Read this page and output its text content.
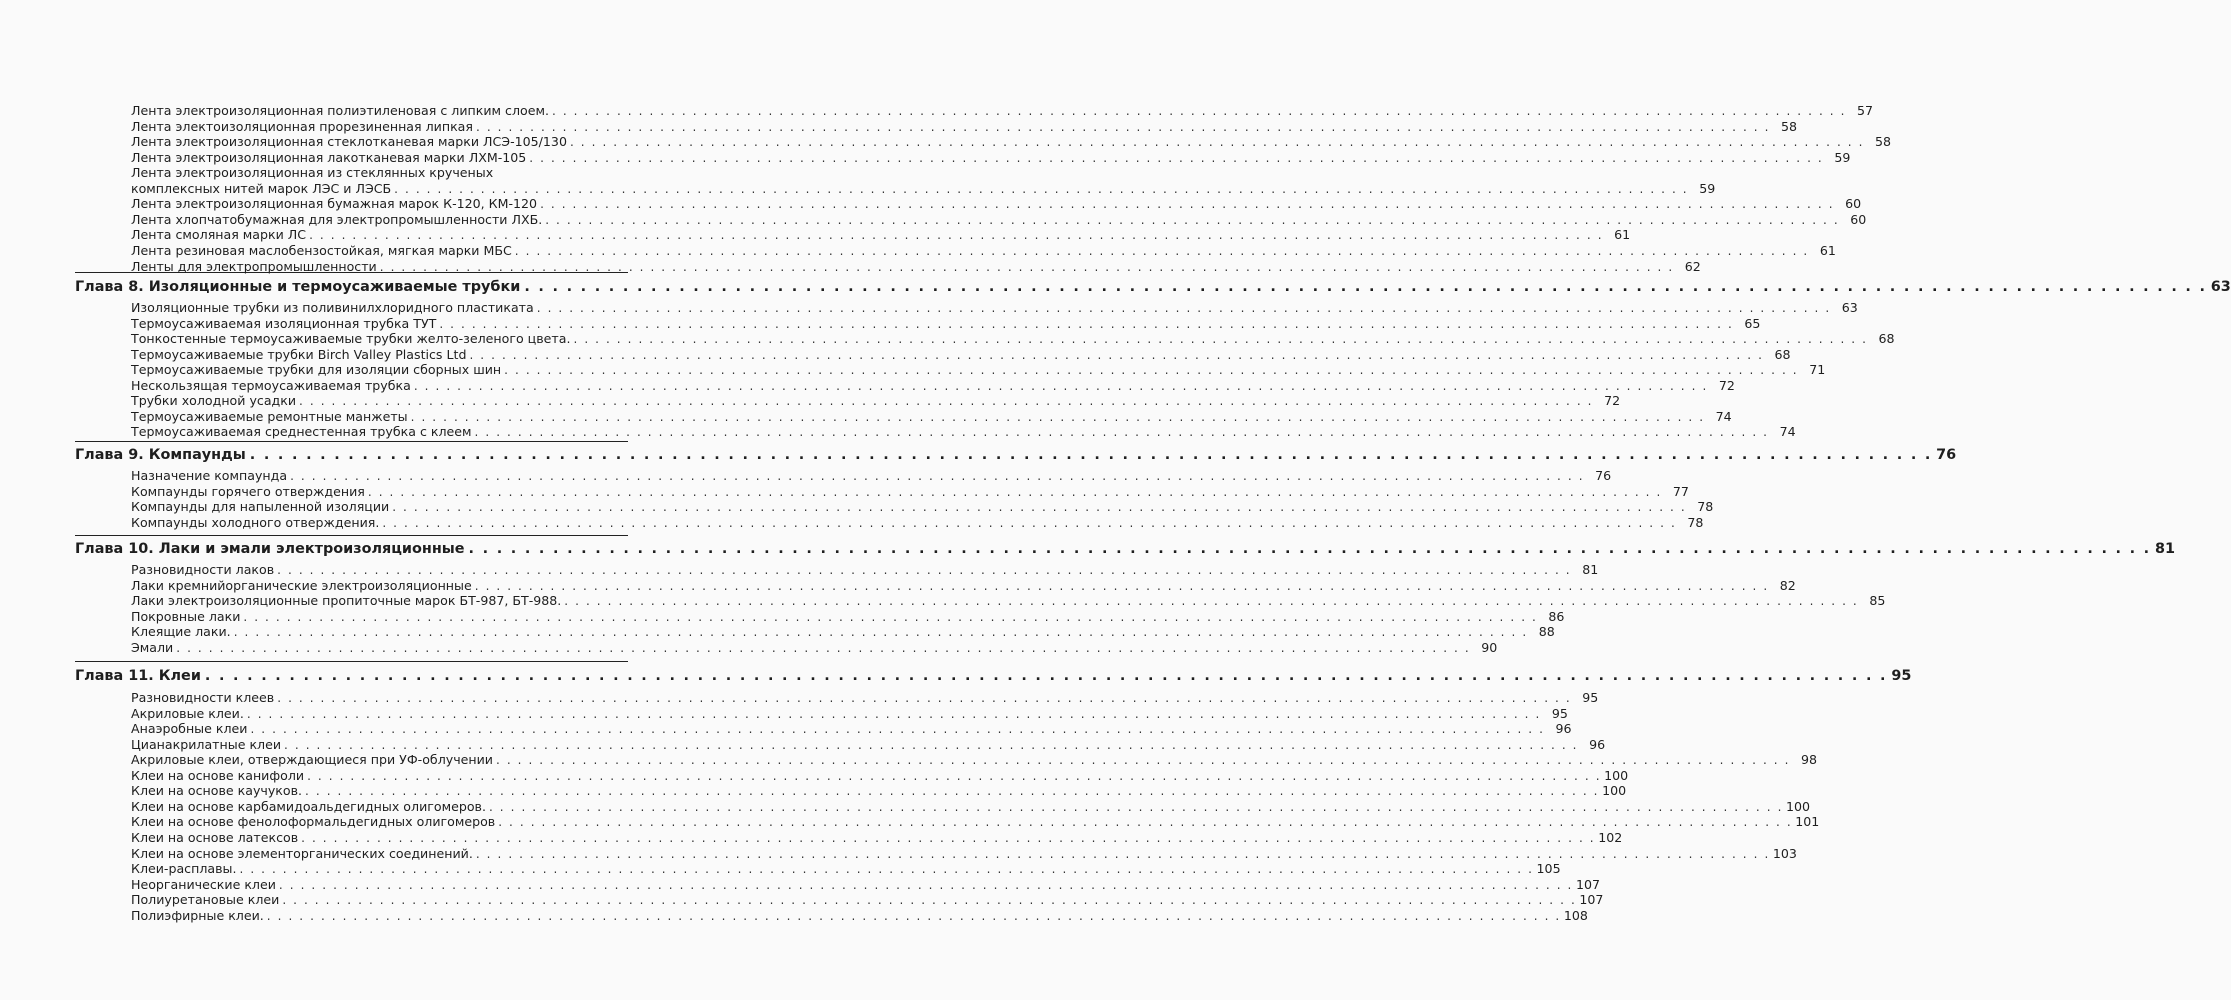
Лента электроизоляционная полиэтиленовая с липким слоем. . . . . . . . . . . . . . . . . . . . . . . . . . . . . . . . . . . . . . . . . . . . . . . . . . . . . . . . . . . . . . . . . . . . . . . . . . . . . . . . . . . . . . . . . . . . . . . . . . . . . . . . . . . . . . . . . . . . . . . . . 57
Лента электоизоляционная прорезиненная липкая . . . . . . . . . . . . . . . . . . . . . . . . . . . . . . . . . . . . . . . . . . . . . . . . . . . . . . . . . . . . . . . . . . . . . . . . . . . . . . . . . . . . . . . . . . . . . . . . . . . . . . . . . . . . . . . . . . . . . . . . 58
Лента электроизоляционная стеклотканевая марки ЛСЭ-105/130 . . . . . . . . . . . . . . . . . . . . . . . . . . . . . . . . . . . . . . . . . . . . . . . . . . . . . . . . . . . . . . . . . . . . . . . . . . . . . . . . . . . . . . . . . . . . . . . . . . . . . . . . . . . . . . . . . . . . . . . . 58
Лента электроизоляционная лакотканевая марки ЛХМ-105 . . . . . . . . . . . . . . . . . . . . . . . . . . . . . . . . . . . . . . . . . . . . . . . . . . . . . . . . . . . . . . . . . . . . . . . . . . . . . . . . . . . . . . . . . . . . . . . . . . . . . . . . . . . . . . . . . . . . . . . . 59
Лента электроизоляционная из стеклянных крученых
комплексных нитей марок ЛЭС и ЛЭСБ . . . . . . . . . . . . . . . . . . . . . . . . . . . . . . . . . . . . . . . . . . . . . . . . . . . . . . . . . . . . . . . . . . . . . . . . . . . . . . . . . . . . . . . . . . . . . . . . . . . . . . . . . . . . . . . . . . . . . . . . 59
Лента электроизоляционная бумажная марок К-120, КМ-120 . . . . . . . . . . . . . . . . . . . . . . . . . . . . . . . . . . . . . . . . . . . . . . . . . . . . . . . . . . . . . . . . . . . . . . . . . . . . . . . . . . . . . . . . . . . . . . . . . . . . . . . . . . . . . . . . . . . . . . . . 60
Лента хлопчатобумажная для электропромышленности ЛХБ. . . . . . . . . . . . . . . . . . . . . . . . . . . . . . . . . . . . . . . . . . . . . . . . . . . . . . . . . . . . . . . . . . . . . . . . . . . . . . . . . . . . . . . . . . . . . . . . . . . . . . . . . . . . . . . . . . . . . . . . . 60
Лента смоляная марки ЛС . . . . . . . . . . . . . . . . . . . . . . . . . . . . . . . . . . . . . . . . . . . . . . . . . . . . . . . . . . . . . . . . . . . . . . . . . . . . . . . . . . . . . . . . . . . . . . . . . . . . . . . . . . . . . . . . . . . . . . . . 61
Лента резиновая маслобензостойкая, мягкая марки МБС . . . . . . . . . . . . . . . . . . . . . . . . . . . . . . . . . . . . . . . . . . . . . . . . . . . . . . . . . . . . . . . . . . . . . . . . . . . . . . . . . . . . . . . . . . . . . . . . . . . . . . . . . . . . . . . . . . . . . . . . 61
Ленты для электропромышленности . . . . . . . . . . . . . . . . . . . . . . . . . . . . . . . . . . . . . . . . . . . . . . . . . . . . . . . . . . . . . . . . . . . . . . . . . . . . . . . . . . . . . . . . . . . . . . . . . . . . . . . . . . . . . . . . . . . . . . . . 62
Глава 8. Изоляционные и термоусаживаемые трубки . . . . . . . . . . . . . . . . . . . . . . . . . . . . . . . . . . . . . . . . . . . . . . . . . . . . . . . . . . . . . . . . . . . . . . . . . . . . . . . . . . . . . . . . . . . . . . . . . . . . . . . . . . . . . . . . . . . . . . . . 63
Изоляционные трубки из поливинилхлоридного пластиката . . . . . . . . . . . . . . . . . . . . . . . . . . . . . . . . . . . . . . . . . . . . . . . . . . . . . . . . . . . . . . . . . . . . . . . . . . . . . . . . . . . . . . . . . . . . . . . . . . . . . . . . . . . . . . . . . . . . . . . . 63
Термоусаживаемая изоляционная трубка ТУТ . . . . . . . . . . . . . . . . . . . . . . . . . . . . . . . . . . . . . . . . . . . . . . . . . . . . . . . . . . . . . . . . . . . . . . . . . . . . . . . . . . . . . . . . . . . . . . . . . . . . . . . . . . . . . . . . . . . . . . . . 65
Тонкостенные термоусаживаемые трубки желто-зеленого цвета. . . . . . . . . . . . . . . . . . . . . . . . . . . . . . . . . . . . . . . . . . . . . . . . . . . . . . . . . . . . . . . . . . . . . . . . . . . . . . . . . . . . . . . . . . . . . . . . . . . . . . . . . . . . . . . . . . . . . . . . . 68
Термоусаживаемые трубки Birch Valley Plastics Ltd . . . . . . . . . . . . . . . . . . . . . . . . . . . . . . . . . . . . . . . . . . . . . . . . . . . . . . . . . . . . . . . . . . . . . . . . . . . . . . . . . . . . . . . . . . . . . . . . . . . . . . . . . . . . . . . . . . . . . . . . 68
Термоусаживаемые трубки для изоляции сборных шин . . . . . . . . . . . . . . . . . . . . . . . . . . . . . . . . . . . . . . . . . . . . . . . . . . . . . . . . . . . . . . . . . . . . . . . . . . . . . . . . . . . . . . . . . . . . . . . . . . . . . . . . . . . . . . . . . . . . . . . . 71
Нескользящая термоусаживаемая трубка . . . . . . . . . . . . . . . . . . . . . . . . . . . . . . . . . . . . . . . . . . . . . . . . . . . . . . . . . . . . . . . . . . . . . . . . . . . . . . . . . . . . . . . . . . . . . . . . . . . . . . . . . . . . . . . . . . . . . . . . 72
Трубки холодной усадки . . . . . . . . . . . . . . . . . . . . . . . . . . . . . . . . . . . . . . . . . . . . . . . . . . . . . . . . . . . . . . . . . . . . . . . . . . . . . . . . . . . . . . . . . . . . . . . . . . . . . . . . . . . . . . . . . . . . . . . . 72
Термоусаживаемые ремонтные манжеты . . . . . . . . . . . . . . . . . . . . . . . . . . . . . . . . . . . . . . . . . . . . . . . . . . . . . . . . . . . . . . . . . . . . . . . . . . . . . . . . . . . . . . . . . . . . . . . . . . . . . . . . . . . . . . . . . . . . . . . . 74
Термоусаживаемая среднестенная трубка с клеем . . . . . . . . . . . . . . . . . . . . . . . . . . . . . . . . . . . . . . . . . . . . . . . . . . . . . . . . . . . . . . . . . . . . . . . . . . . . . . . . . . . . . . . . . . . . . . . . . . . . . . . . . . . . . . . . . . . . . . . . 74
Глава 9. Компаунды . . . . . . . . . . . . . . . . . . . . . . . . . . . . . . . . . . . . . . . . . . . . . . . . . . . . . . . . . . . . . . . . . . . . . . . . . . . . . . . . . . . . . . . . . . . . . . . . . . . . . . . . . . . . . . . . . . . . . . . . 76
Назначение компаунда . . . . . . . . . . . . . . . . . . . . . . . . . . . . . . . . . . . . . . . . . . . . . . . . . . . . . . . . . . . . . . . . . . . . . . . . . . . . . . . . . . . . . . . . . . . . . . . . . . . . . . . . . . . . . . . . . . . . . . . . 76
Компаунды горячего отверждения . . . . . . . . . . . . . . . . . . . . . . . . . . . . . . . . . . . . . . . . . . . . . . . . . . . . . . . . . . . . . . . . . . . . . . . . . . . . . . . . . . . . . . . . . . . . . . . . . . . . . . . . . . . . . . . . . . . . . . . . 77
Компаунды для напыленной изоляции . . . . . . . . . . . . . . . . . . . . . . . . . . . . . . . . . . . . . . . . . . . . . . . . . . . . . . . . . . . . . . . . . . . . . . . . . . . . . . . . . . . . . . . . . . . . . . . . . . . . . . . . . . . . . . . . . . . . . . . . 78
Компаунды холодного отверждения. . . . . . . . . . . . . . . . . . . . . . . . . . . . . . . . . . . . . . . . . . . . . . . . . . . . . . . . . . . . . . . . . . . . . . . . . . . . . . . . . . . . . . . . . . . . . . . . . . . . . . . . . . . . . . . . . . . . . . . . . 78
Глава 10. Лаки и эмали электроизоляционные . . . . . . . . . . . . . . . . . . . . . . . . . . . . . . . . . . . . . . . . . . . . . . . . . . . . . . . . . . . . . . . . . . . . . . . . . . . . . . . . . . . . . . . . . . . . . . . . . . . . . . . . . . . . . . . . . . . . . . . . 81
Разновидности лаков . . . . . . . . . . . . . . . . . . . . . . . . . . . . . . . . . . . . . . . . . . . . . . . . . . . . . . . . . . . . . . . . . . . . . . . . . . . . . . . . . . . . . . . . . . . . . . . . . . . . . . . . . . . . . . . . . . . . . . . . 81
Лаки кремнийорганические электроизоляционные . . . . . . . . . . . . . . . . . . . . . . . . . . . . . . . . . . . . . . . . . . . . . . . . . . . . . . . . . . . . . . . . . . . . . . . . . . . . . . . . . . . . . . . . . . . . . . . . . . . . . . . . . . . . . . . . . . . . . . . . 82
Лаки электроизоляционные пропиточные марок БТ-987, БТ-988. . . . . . . . . . . . . . . . . . . . . . . . . . . . . . . . . . . . . . . . . . . . . . . . . . . . . . . . . . . . . . . . . . . . . . . . . . . . . . . . . . . . . . . . . . . . . . . . . . . . . . . . . . . . . . . . . . . . . . . . . 85
Покровные лаки . . . . . . . . . . . . . . . . . . . . . . . . . . . . . . . . . . . . . . . . . . . . . . . . . . . . . . . . . . . . . . . . . . . . . . . . . . . . . . . . . . . . . . . . . . . . . . . . . . . . . . . . . . . . . . . . . . . . . . . . 86
Клеящие лаки. . . . . . . . . . . . . . . . . . . . . . . . . . . . . . . . . . . . . . . . . . . . . . . . . . . . . . . . . . . . . . . . . . . . . . . . . . . . . . . . . . . . . . . . . . . . . . . . . . . . . . . . . . . . . . . . . . . . . . . . . 88
Эмали . . . . . . . . . . . . . . . . . . . . . . . . . . . . . . . . . . . . . . . . . . . . . . . . . . . . . . . . . . . . . . . . . . . . . . . . . . . . . . . . . . . . . . . . . . . . . . . . . . . . . . . . . . . . . . . . . . . . . . . . 90
Глава 11. Клеи . . . . . . . . . . . . . . . . . . . . . . . . . . . . . . . . . . . . . . . . . . . . . . . . . . . . . . . . . . . . . . . . . . . . . . . . . . . . . . . . . . . . . . . . . . . . . . . . . . . . . . . . . . . . . . . . . . . . . . . . 95
Разновидности клеев . . . . . . . . . . . . . . . . . . . . . . . . . . . . . . . . . . . . . . . . . . . . . . . . . . . . . . . . . . . . . . . . . . . . . . . . . . . . . . . . . . . . . . . . . . . . . . . . . . . . . . . . . . . . . . . . . . . . . . . . 95
Акриловые клеи. . . . . . . . . . . . . . . . . . . . . . . . . . . . . . . . . . . . . . . . . . . . . . . . . . . . . . . . . . . . . . . . . . . . . . . . . . . . . . . . . . . . . . . . . . . . . . . . . . . . . . . . . . . . . . . . . . . . . . . . . 95
Анаэробные клеи . . . . . . . . . . . . . . . . . . . . . . . . . . . . . . . . . . . . . . . . . . . . . . . . . . . . . . . . . . . . . . . . . . . . . . . . . . . . . . . . . . . . . . . . . . . . . . . . . . . . . . . . . . . . . . . . . . . . . . . . 96
Цианакрилатные клеи . . . . . . . . . . . . . . . . . . . . . . . . . . . . . . . . . . . . . . . . . . . . . . . . . . . . . . . . . . . . . . . . . . . . . . . . . . . . . . . . . . . . . . . . . . . . . . . . . . . . . . . . . . . . . . . . . . . . . . . . 96
Акриловые клеи, отверждающиеся при УФ-облучении . . . . . . . . . . . . . . . . . . . . . . . . . . . . . . . . . . . . . . . . . . . . . . . . . . . . . . . . . . . . . . . . . . . . . . . . . . . . . . . . . . . . . . . . . . . . . . . . . . . . . . . . . . . . . . . . . . . . . . . . 98
Клеи на основе канифоли . . . . . . . . . . . . . . . . . . . . . . . . . . . . . . . . . . . . . . . . . . . . . . . . . . . . . . . . . . . . . . . . . . . . . . . . . . . . . . . . . . . . . . . . . . . . . . . . . . . . . . . . . . . . . . . . . . . . . . . . 100
Клеи на основе каучуков. . . . . . . . . . . . . . . . . . . . . . . . . . . . . . . . . . . . . . . . . . . . . . . . . . . . . . . . . . . . . . . . . . . . . . . . . . . . . . . . . . . . . . . . . . . . . . . . . . . . . . . . . . . . . . . . . . . . . . . . . 100
Клеи на основе карбамидоальдегидных олигомеров. . . . . . . . . . . . . . . . . . . . . . . . . . . . . . . . . . . . . . . . . . . . . . . . . . . . . . . . . . . . . . . . . . . . . . . . . . . . . . . . . . . . . . . . . . . . . . . . . . . . . . . . . . . . . . . . . . . . . . . . . 100
Клеи на основе фенолоформальдегидных олигомеров . . . . . . . . . . . . . . . . . . . . . . . . . . . . . . . . . . . . . . . . . . . . . . . . . . . . . . . . . . . . . . . . . . . . . . . . . . . . . . . . . . . . . . . . . . . . . . . . . . . . . . . . . . . . . . . . . . . . . . . . 101
Клеи на основе латексов . . . . . . . . . . . . . . . . . . . . . . . . . . . . . . . . . . . . . . . . . . . . . . . . . . . . . . . . . . . . . . . . . . . . . . . . . . . . . . . . . . . . . . . . . . . . . . . . . . . . . . . . . . . . . . . . . . . . . . . . 102
Клеи на основе элементорганических соединений. . . . . . . . . . . . . . . . . . . . . . . . . . . . . . . . . . . . . . . . . . . . . . . . . . . . . . . . . . . . . . . . . . . . . . . . . . . . . . . . . . . . . . . . . . . . . . . . . . . . . . . . . . . . . . . . . . . . . . . . . 103
Клеи-расплавы. . . . . . . . . . . . . . . . . . . . . . . . . . . . . . . . . . . . . . . . . . . . . . . . . . . . . . . . . . . . . . . . . . . . . . . . . . . . . . . . . . . . . . . . . . . . . . . . . . . . . . . . . . . . . . . . . . . . . . . . . 105
Неорганические клеи . . . . . . . . . . . . . . . . . . . . . . . . . . . . . . . . . . . . . . . . . . . . . . . . . . . . . . . . . . . . . . . . . . . . . . . . . . . . . . . . . . . . . . . . . . . . . . . . . . . . . . . . . . . . . . . . . . . . . . . . 107
Полиуретановые клеи . . . . . . . . . . . . . . . . . . . . . . . . . . . . . . . . . . . . . . . . . . . . . . . . . . . . . . . . . . . . . . . . . . . . . . . . . . . . . . . . . . . . . . . . . . . . . . . . . . . . . . . . . . . . . . . . . . . . . . . . 107
Полиэфирные клеи. . . . . . . . . . . . . . . . . . . . . . . . . . . . . . . . . . . . . . . . . . . . . . . . . . . . . . . . . . . . . . . . . . . . . . . . . . . . . . . . . . . . . . . . . . . . . . . . . . . . . . . . . . . . . . . . . . . . . . . . . 108
